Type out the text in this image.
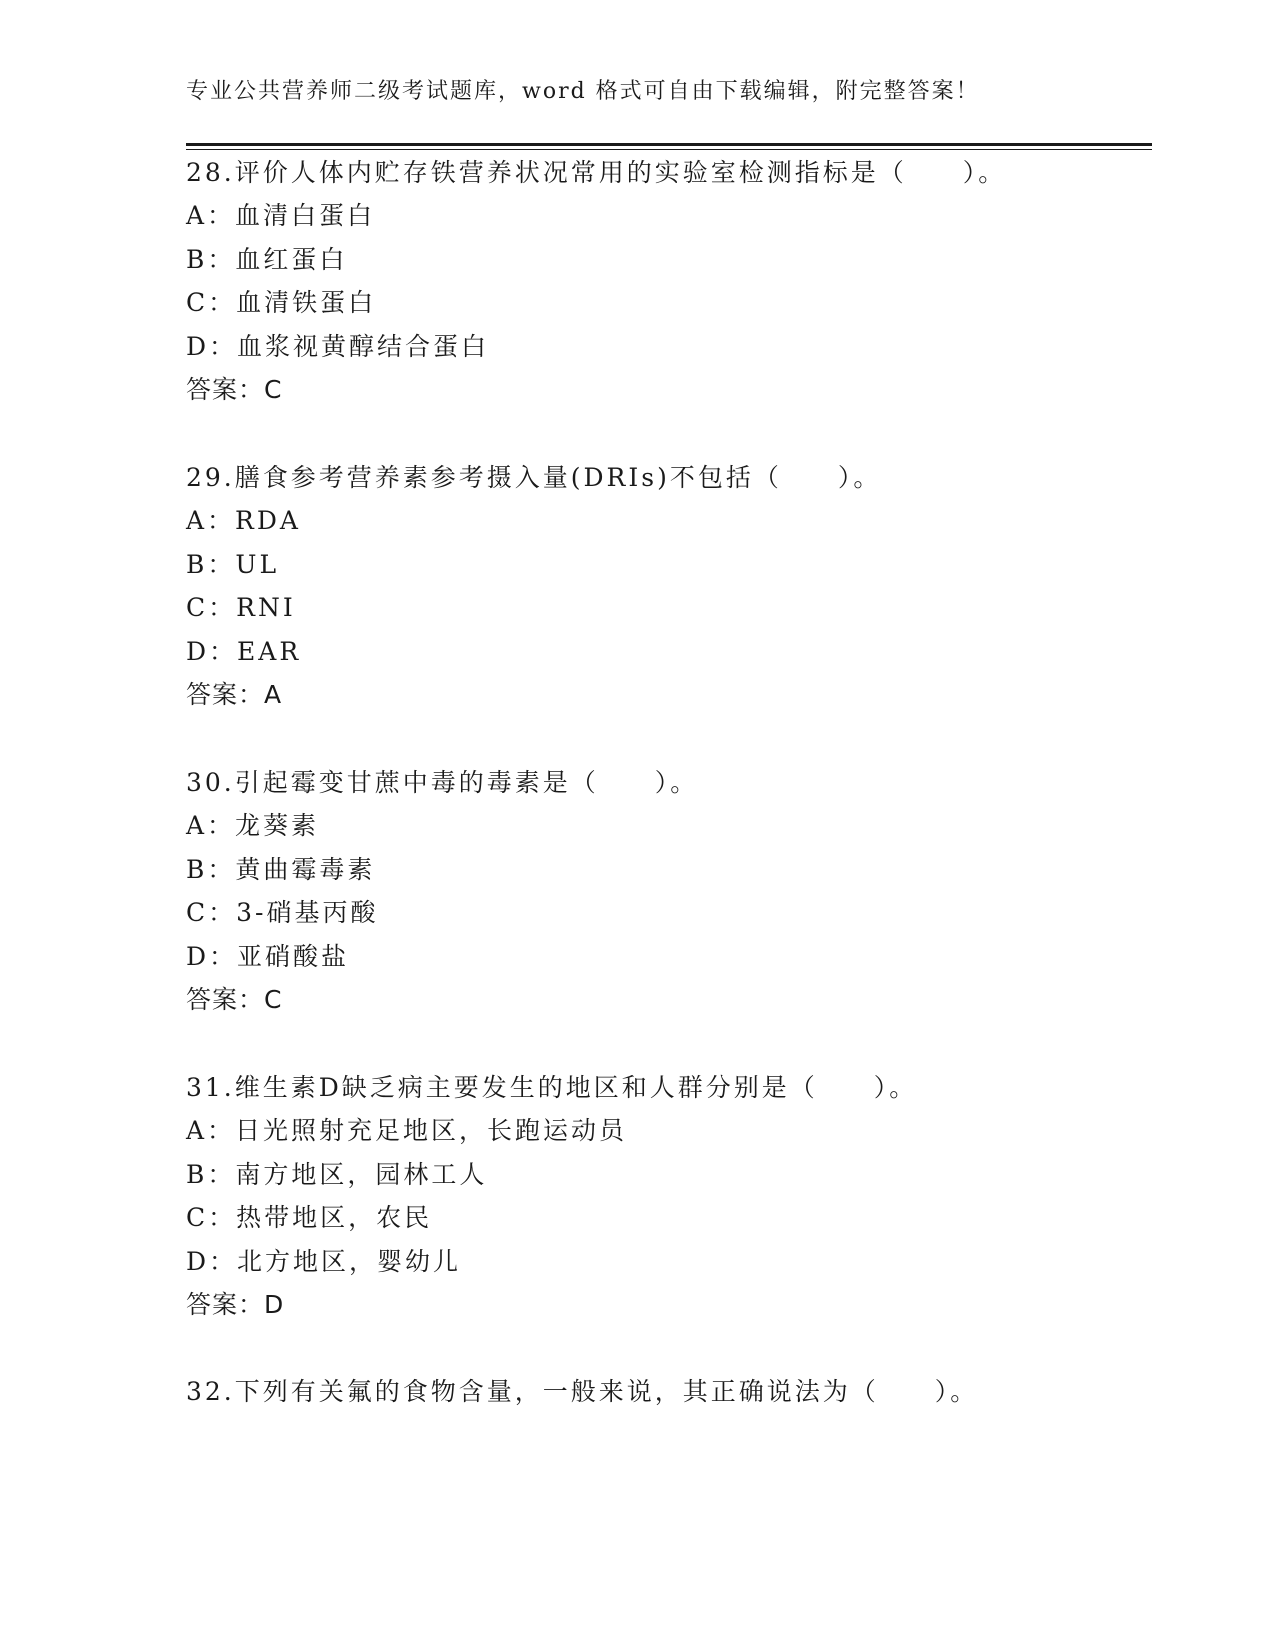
专业公共营养师二级考试题库，word 格式可自由下载编辑，附完整答案！
28.评价人体内贮存铁营养状况常用的实验室检测指标是（　　）。
A：血清白蛋白
B：血红蛋白
C：血清铁蛋白
D：血浆视黄醇结合蛋白
答案：C
29.膳食参考营养素参考摄入量(DRIs)不包括（　　）。
A：RDA
B：UL
C：RNI
D：EAR
答案：A
30.引起霉变甘蔗中毒的毒素是（　　）。
A：龙葵素
B：黄曲霉毒素
C：3-硝基丙酸
D：亚硝酸盐
答案：C
31.维生素D缺乏病主要发生的地区和人群分别是（　　）。
A：日光照射充足地区，长跑运动员
B：南方地区，园林工人
C：热带地区，农民
D：北方地区，婴幼儿
答案：D
32.下列有关氟的食物含量，一般来说，其正确说法为（　　）。
